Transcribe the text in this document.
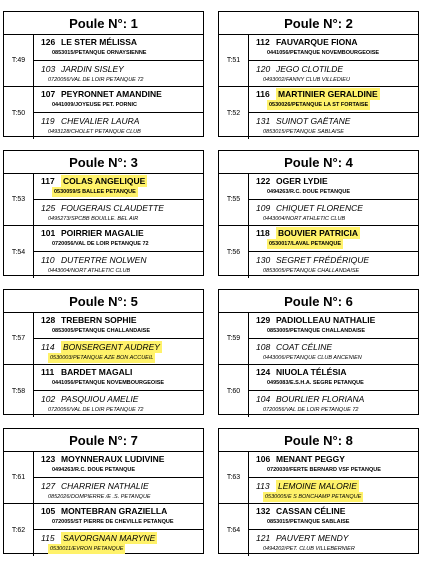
Poule N°: 1
T:49
126 LE STER MÉLISSA
0853015/PETANQUE ORNAYSIENNE
103 JARDIN SISLEY
0720056/VAL DE LOIR PETANQUE 72
T:50
107 PEYRONNET AMANDINE
0441009/JOYEUSE PET. PORNIC
119 CHEVALIER LAURA
0493128/CHOLET PETANQUE CLUB
Poule N°: 2
T:51
112 FAUVARQUE FIONA
0441056/PETANQUE NOVEMBOURGEOISE
120 JEGO CLOTILDE
0493002/FANNY CLUB VILLEDIEU
T:52
116 MARTINIER GERALDINE
0530026/PETANQUE LA ST FORTAISE
131 SUINOT GAËTANE
0853015/PETANQUE SABLAISE
Poule N°: 3
T:53
117 COLAS ANGELIQUE
0530059/S BALLEE PETANQUE
125 FOUGERAIS CLAUDETTE
0495273/SPCBB BOUILLE. BEL AIR
T:54
101 POIRRIER MAGALIE
0720056/VAL DE LOIR PETANQUE 72
110 DUTERTRE NOLWEN
0443004/NORT ATHLETIC CLUB
Poule N°: 4
T:55
122 OGER LYDIE
0494263/R.C. DOUE PETANQUE
109 CHIQUET FLORENCE
0443004/NORT ATHLETIC CLUB
T:56
118 BOUVIER PATRICIA
0530017/LAVAL PETANQUE
130 SEGRET FRÉDÉRIQUE
0853005/PETANQUE CHALLANDAISE
Poule N°: 5
T:57
128 TREBERN SOPHIE
0853005/PETANQUE CHALLANDAISE
114 BONSERGENT AUDREY
0530003/PETANQUE AZE BON ACCUEIL
T:58
111 BARDET MAGALI
0441056/PETANQUE NOVEMBOURGEOISE
102 PASQUIOU AMELIE
0720056/VAL DE LOIR PETANQUE 72
Poule N°: 6
T:59
129 PADIOLLEAU NATHALIE
0853005/PETANQUE CHALLANDAISE
108 COAT CÉLINE
0443006/PETANQUE CLUB ANCENIEN
T:60
124 NIUOLA TÉLÉSIA
0495083/E.S.H.A. SEGRE PETANQUE
104 BOURLIER FLORIANA
0720056/VAL DE LOIR PETANQUE 72
Poule N°: 7
T:61
123 MOYNNERAUX LUDIVINE
0494263/R.C. DOUE PETANQUE
127 CHARRIER NATHALIE
0852026/DOMPIERRE /E .S. PETANQUE
T:62
105 MONTEBRAN GRAZIELLA
0720055/ST PIERRE DE CHEVILLE PETANQUE
115 SAVORGNAN MARYNE
0530011/EVRON PETANQUE
Poule N°: 8
T:63
106 MENANT PEGGY
0720030/FERTE BERNARD VSF PETANQUE
113 LEMOINE MALORIE
0530005/E S BONCHAMP PETANQUE
T:64
132 CASSAN CÉLINE
0853015/PETANQUE SABLAISE
121 PAUVERT MENDY
0494202/PET. CLUB VILLEBERNIER
